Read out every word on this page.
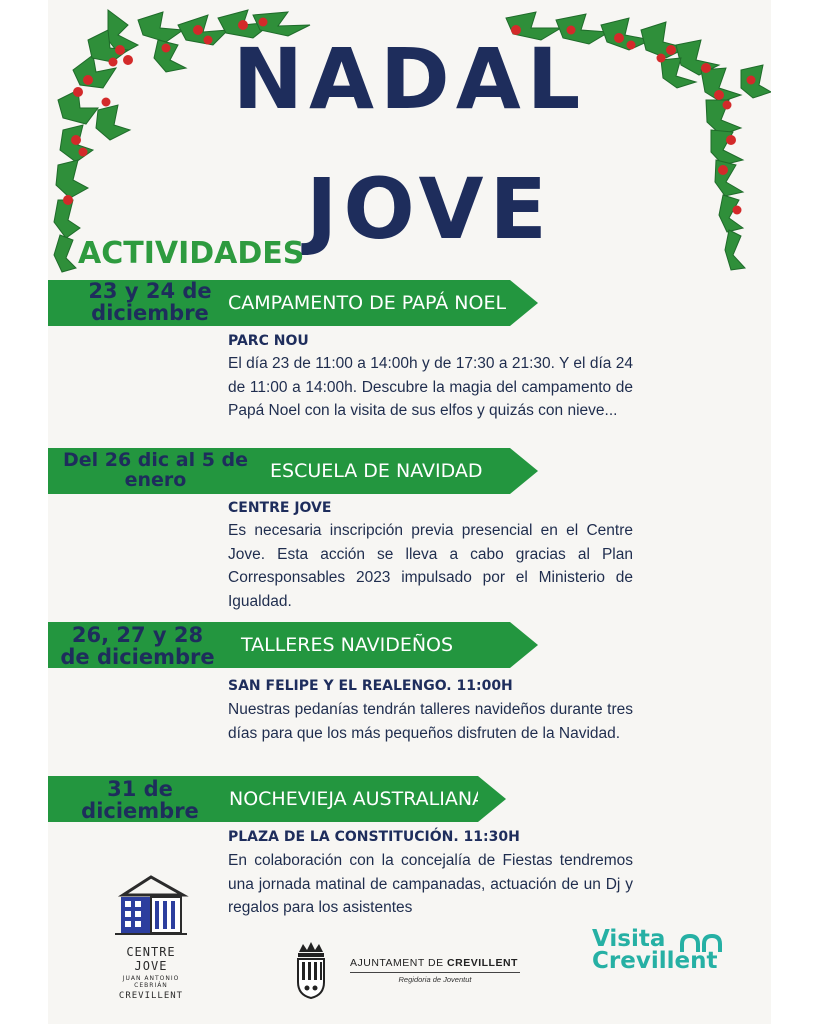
NADAL
JOVE
ACTIVIDADES
CAMPAMENTO DE PAPÁ NOEL
23 y 24 de
diciembre
PARC NOU
El día 23 de 11:00 a 14:00h y de 17:30 a 21:30. Y el día 24 de 11:00 a 14:00h. Descubre la magia del campamento de Papá Noel con la visita de sus elfos y quizás con nieve...
ESCUELA DE NAVIDAD
Del 26 dic al 5 de
enero
CENTRE JOVE
Es necesaria inscripción previa presencial en el Centre Jove. Esta acción se lleva a cabo gracias al Plan Corresponsables 2023 impulsado por el Ministerio de Igualdad.
TALLERES NAVIDEÑOS
26, 27 y 28
de diciembre
SAN FELIPE Y EL REALENGO. 11:00H
Nuestras pedanías tendrán talleres navideños durante tres días para que los más pequeños disfruten de la Navidad.
NOCHEVIEJA AUSTRALIANA
31 de
diciembre
PLAZA DE LA CONSTITUCIÓN. 11:30H
En colaboración con la concejalía de Fiestas tendremos una jornada matinal de campanadas, actuación de un Dj y regalos para los asistentes
CENTRE JOVE
JUAN ANTONIO CEBRIÁN
CREVILLENT
AJUNTAMENT DE CREVILLENT
Regidoria de Joventut
Visita
Crevillent
